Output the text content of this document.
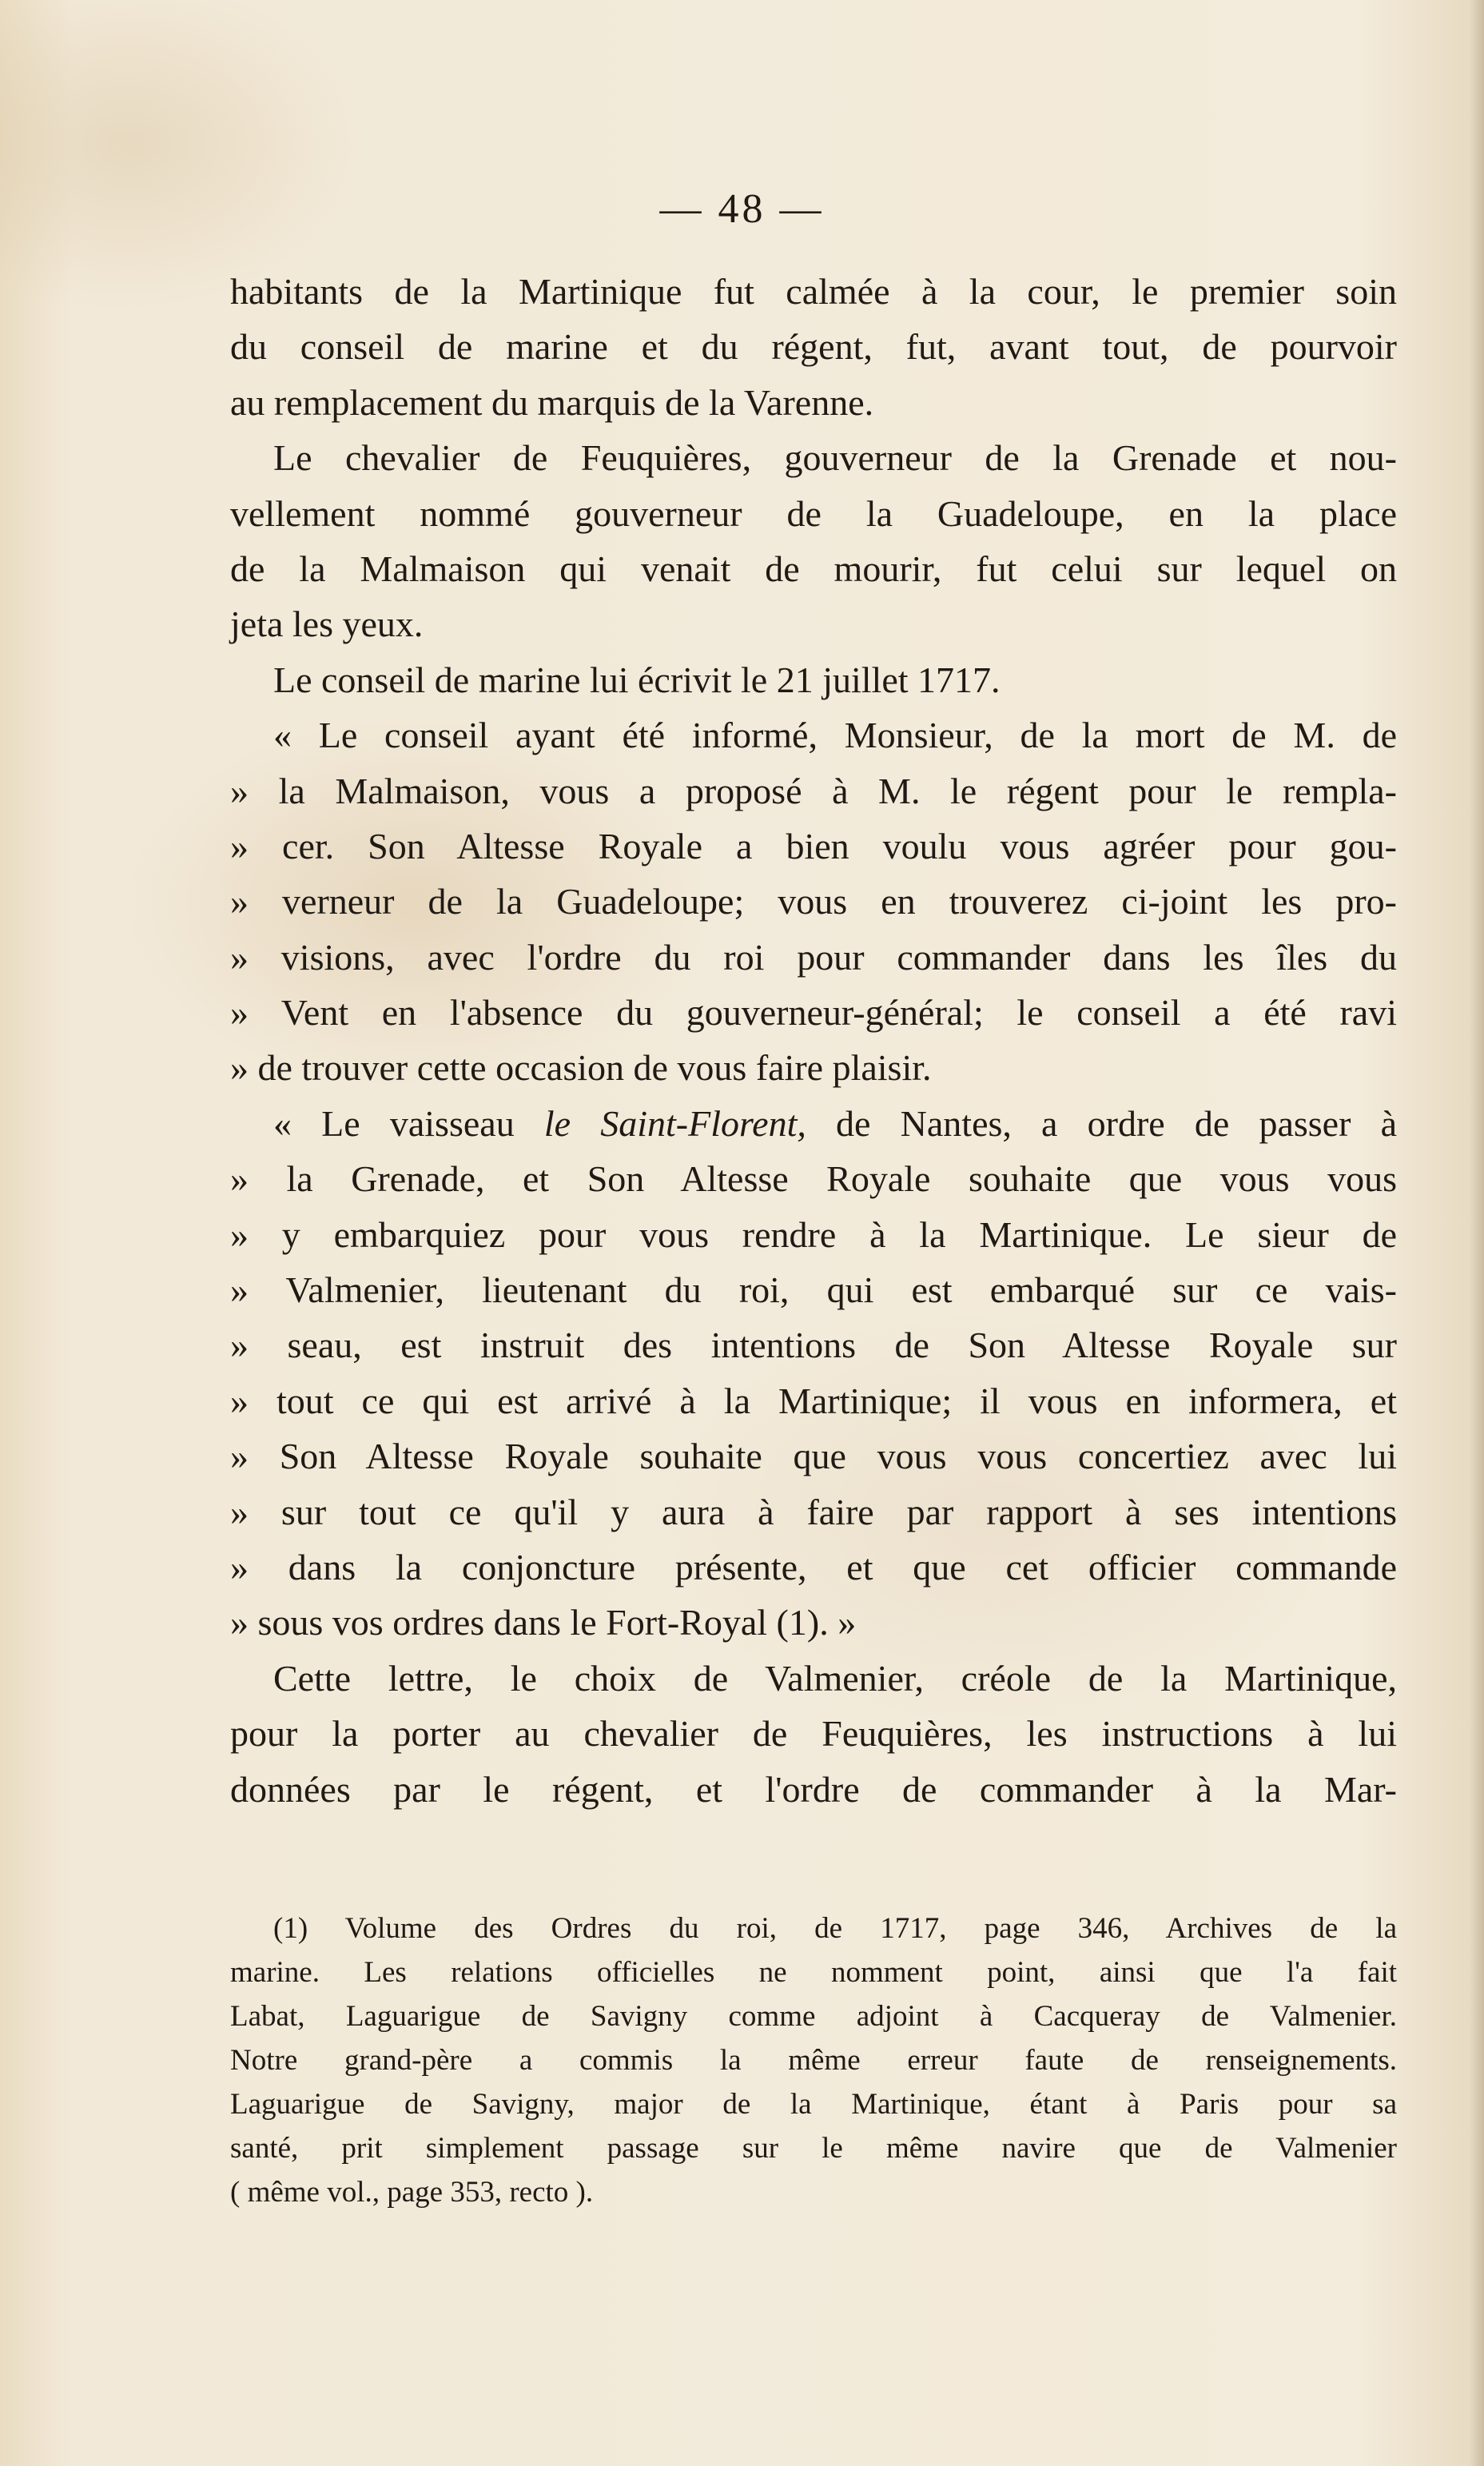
— 48 —
habitants de la Martinique fut calmée à la cour, le premier soin
du conseil de marine et du régent, fut, avant tout, de pourvoir
au remplacement du marquis de la Varenne.
Le chevalier de Feuquières, gouverneur de la Grenade et nou-
vellement nommé gouverneur de la Guadeloupe, en la place
de la Malmaison qui venait de mourir, fut celui sur lequel on
jeta les yeux.
Le conseil de marine lui écrivit le 21 juillet 1717.
« Le conseil ayant été informé, Monsieur, de la mort de M. de
» la Malmaison, vous a proposé à M. le régent pour le rempla-
» cer. Son Altesse Royale a bien voulu vous agréer pour gou-
» verneur de la Guadeloupe; vous en trouverez ci-joint les pro-
» visions, avec l'ordre du roi pour commander dans les îles du
» Vent en l'absence du gouverneur-général; le conseil a été ravi
» de trouver cette occasion de vous faire plaisir.
« Le vaisseau le Saint-Florent, de Nantes, a ordre de passer à
» la Grenade, et Son Altesse Royale souhaite que vous vous
» y embarquiez pour vous rendre à la Martinique. Le sieur de
» Valmenier, lieutenant du roi, qui est embarqué sur ce vais-
» seau, est instruit des intentions de Son Altesse Royale sur
» tout ce qui est arrivé à la Martinique; il vous en informera, et
» Son Altesse Royale souhaite que vous vous concertiez avec lui
» sur tout ce qu'il y aura à faire par rapport à ses intentions
» dans la conjoncture présente, et que cet officier commande
» sous vos ordres dans le Fort-Royal (1). »
Cette lettre, le choix de Valmenier, créole de la Martinique,
pour la porter au chevalier de Feuquières, les instructions à lui
données par le régent, et l'ordre de commander à la Mar-
(1) Volume des Ordres du roi, de 1717, page 346, Archives de la
marine. Les relations officielles ne nomment point, ainsi que l'a fait
Labat, Laguarigue de Savigny comme adjoint à Cacqueray de Valmenier.
Notre grand-père a commis la même erreur faute de renseignements.
Laguarigue de Savigny, major de la Martinique, étant à Paris pour sa
santé, prit simplement passage sur le même navire que de Valmenier
( même vol., page 353, recto ).
